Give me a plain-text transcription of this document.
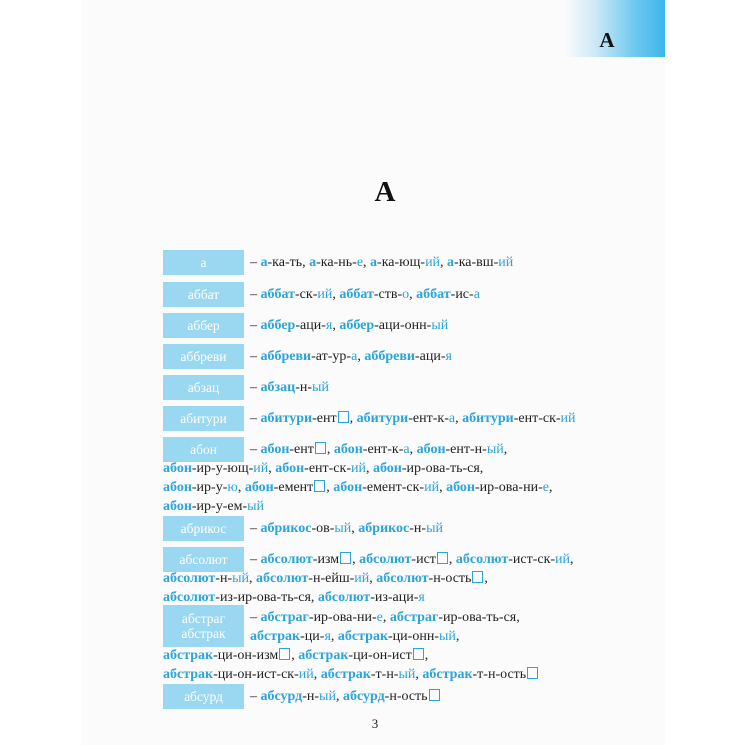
А
А
а	– а-ка-ть, а-ка-нь-е, а-ка-ющ-ий, а-ка-вш-ий
аббат – аббат-ск-ий, аббат-ств-о, аббат-ис-а
аббер – аббер-аци-я, аббер-аци-онн-ый
аббреви – аббреви-ат-ур-а, аббреви-аци-я
абзац – абзац-н-ый
абитури – абитури-ент , абитури-ент-к-а, абитури-ент-ск-ий
абон – абон-ент , абон-ент-к-а, абон-ент-н-ый,
абон-ир-у-ющ-ий, абон-ент-ск-ий, абон-ир-ова-ть-ся,
абон-ир-у-ю, абон-емент , абон-емент-ск-ий, абон-ир-ова-ни-е,
абон-ир-у-ем-ый
абрикос – абрикос-ов-ый, абрикос-н-ый
абсолют – абсолют-изм , абсолют-ист , абсолют-ист-ск-ий,
абсолют-н-ый, абсолют-н-ейш-ий, абсолют-н-ость ,
абсолют-из-ир-ова-ть-ся, абсолют-из-аци-я
абстраг
абстрак
– абстраг-ир-ова-ни-е, абстраг-ир-ова-ть-ся,
абстрак-ци-я, абстрак-ци-онн-ый,
абстрак-ци-он-изм , абстрак-ци-он-ист ,
абстрак-ци-он-ист-ск-ий, абстрак-т-н-ый, абстрак-т-н-ость
абсурд – абсурд-н-ый, абсурд-н-ость
3
